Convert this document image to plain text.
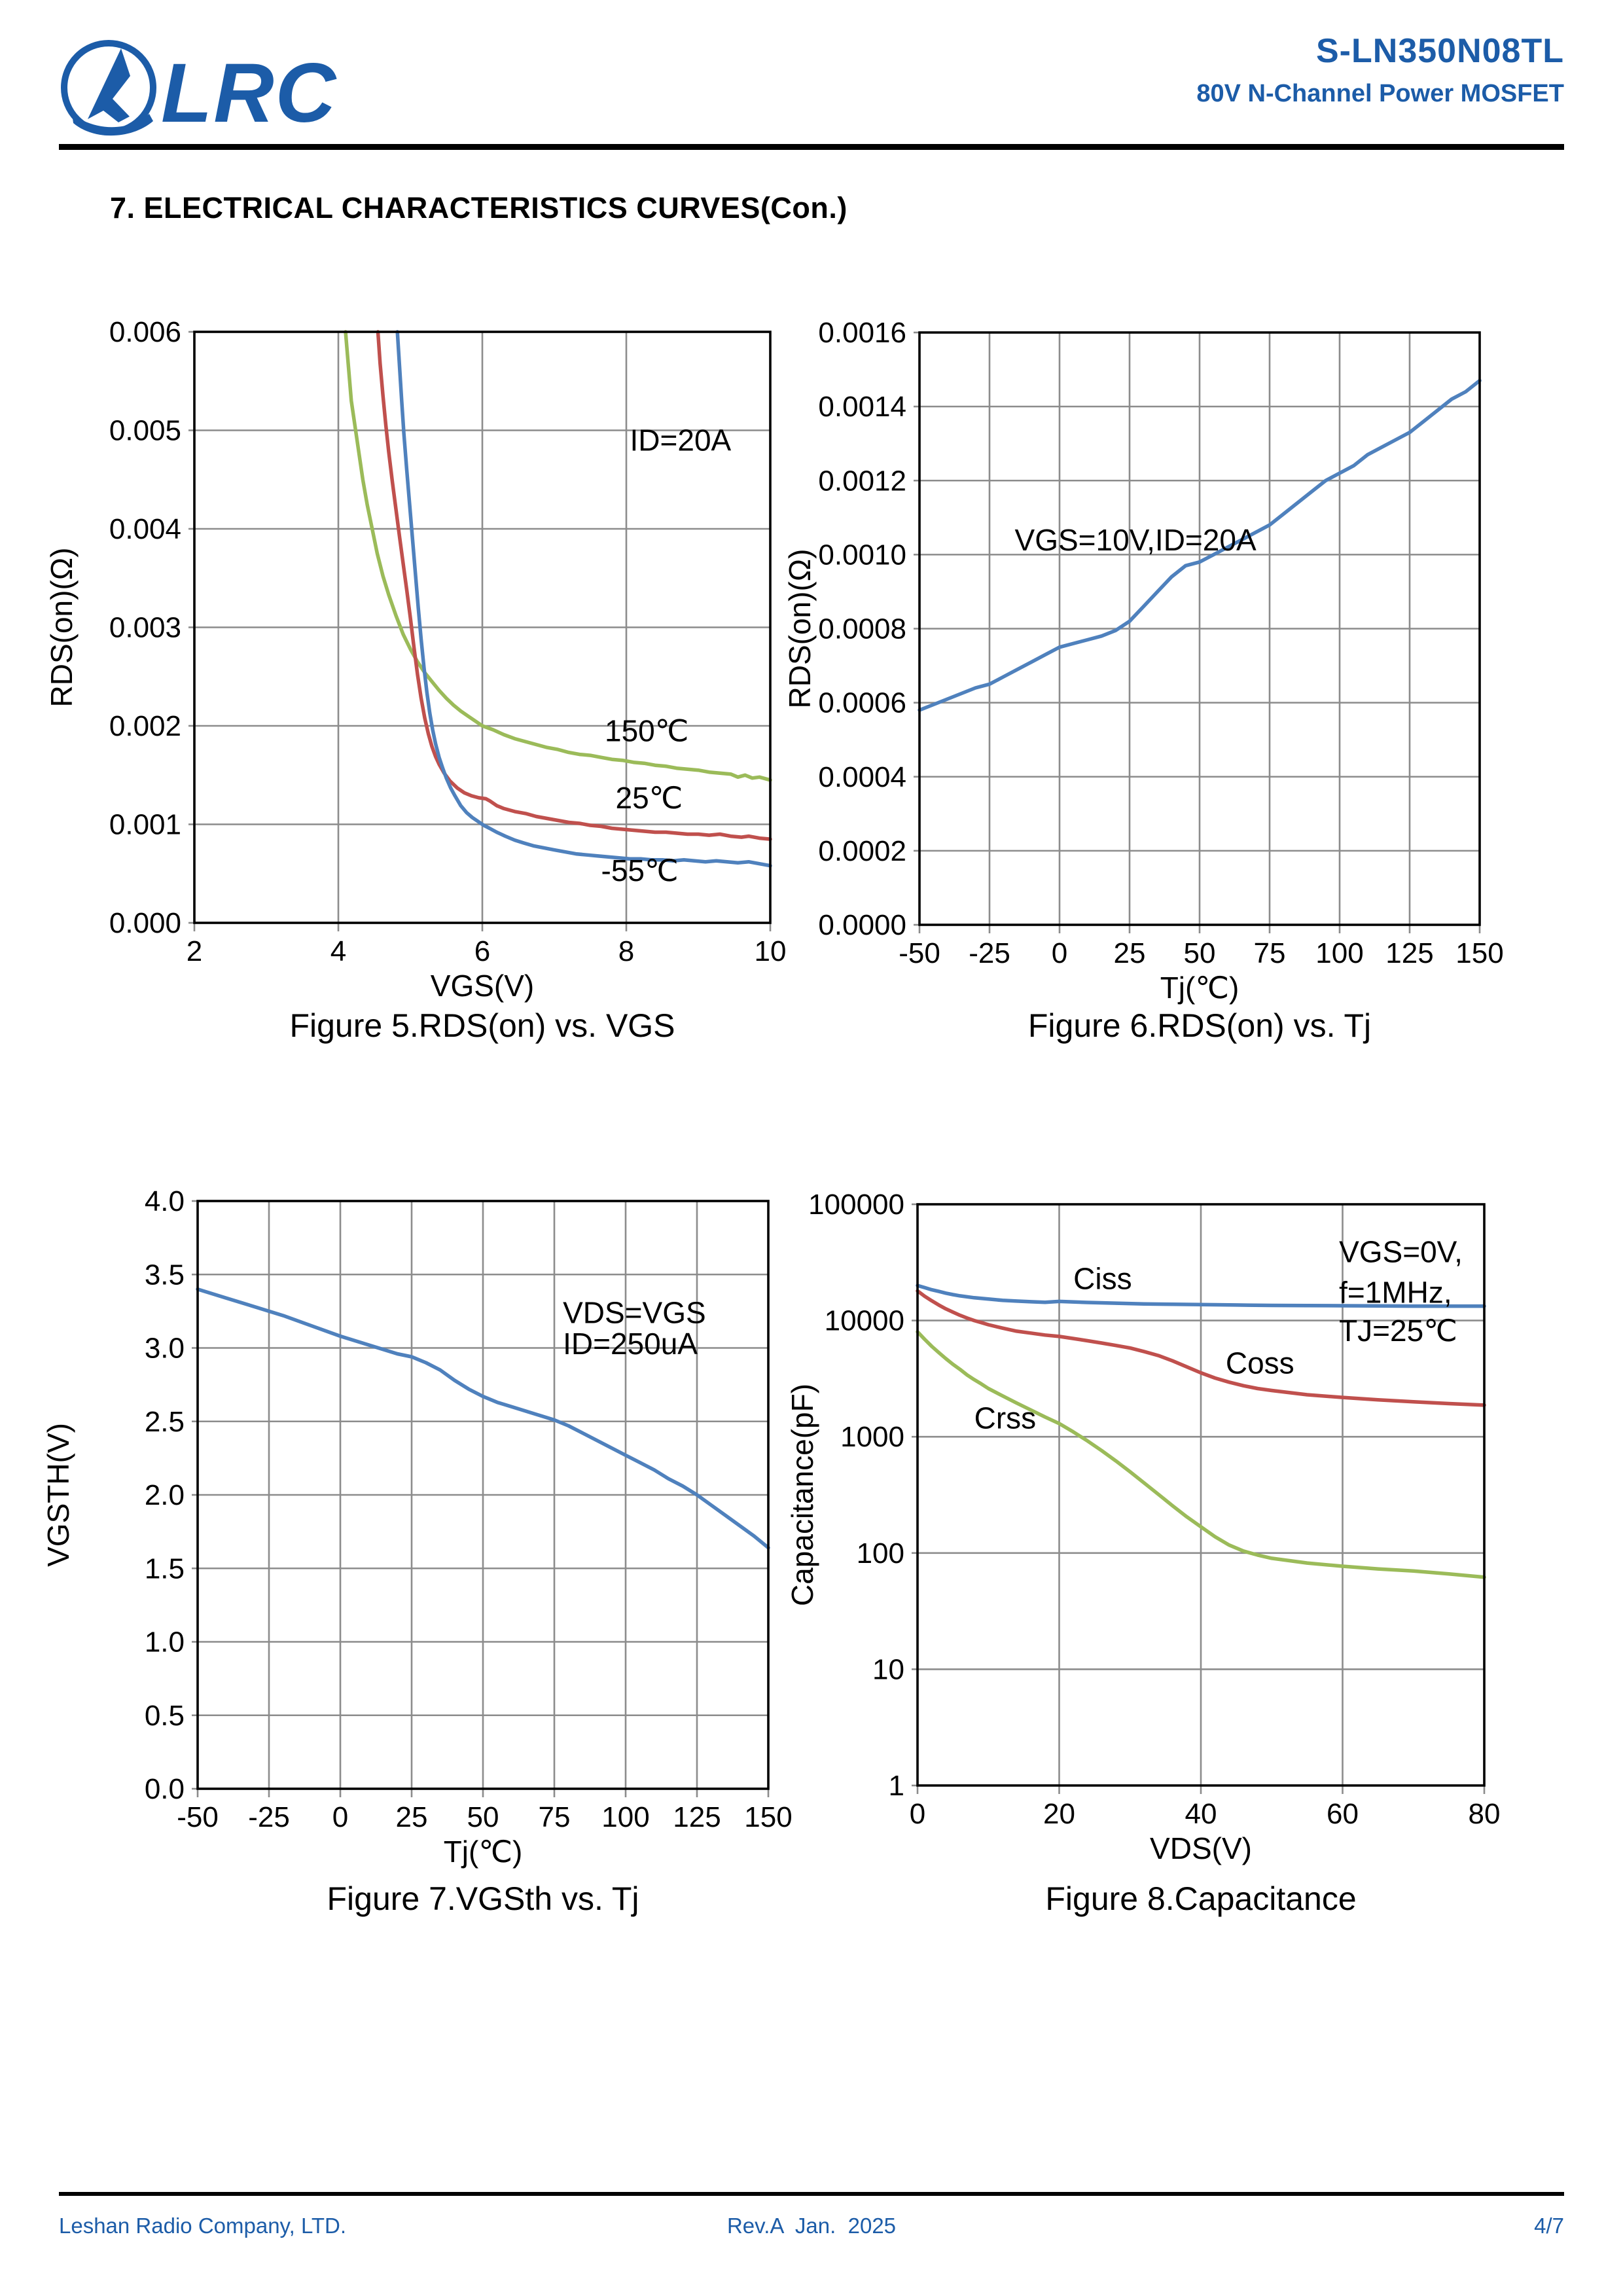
LRC	S-LN350N08TL
80V N-Channel Power MOSFET
7. ELECTRICAL CHARACTERISTICS CURVES(Con.)
2	4	6	8	10
0.000
0.001
0.002
0.003
0.004
0.005
0.006
VGS(V)
RDS(on)(Ω)
ID=20A
150℃
25℃
-55℃
-50 -25 0 25 50 75 100 125 150
0.0000
0.0002
0.0004
0.0006
0.0008
0.0010
0.0012
0.0014
0.0016
Tj(℃)
RDS(on)(Ω)
VGS=10V,ID=20A
-50 -25 0 25 50 75 100 125 150
0.0
0.5
1.0
1.5
2.0
2.5
3.0
3.5
4.0
Tj(℃)
VGSTH(V)
VDS=VGS
ID=250uA
0	20	40	60	80
1
10
100
1000
10000
100000
VDS(V)
Capacitance(pF)
Ciss
Coss
Crss
VGS=0V,
f=1MHz,
TJ=25℃
Figure 5.RDS(on) vs. VGS	Figure 6.RDS(on) vs. Tj
Figure 7.VGSth vs. Tj	Figure 8.Capacitance
Leshan Radio Company, LTD.	Rev.A  Jan.  2025	4/7
